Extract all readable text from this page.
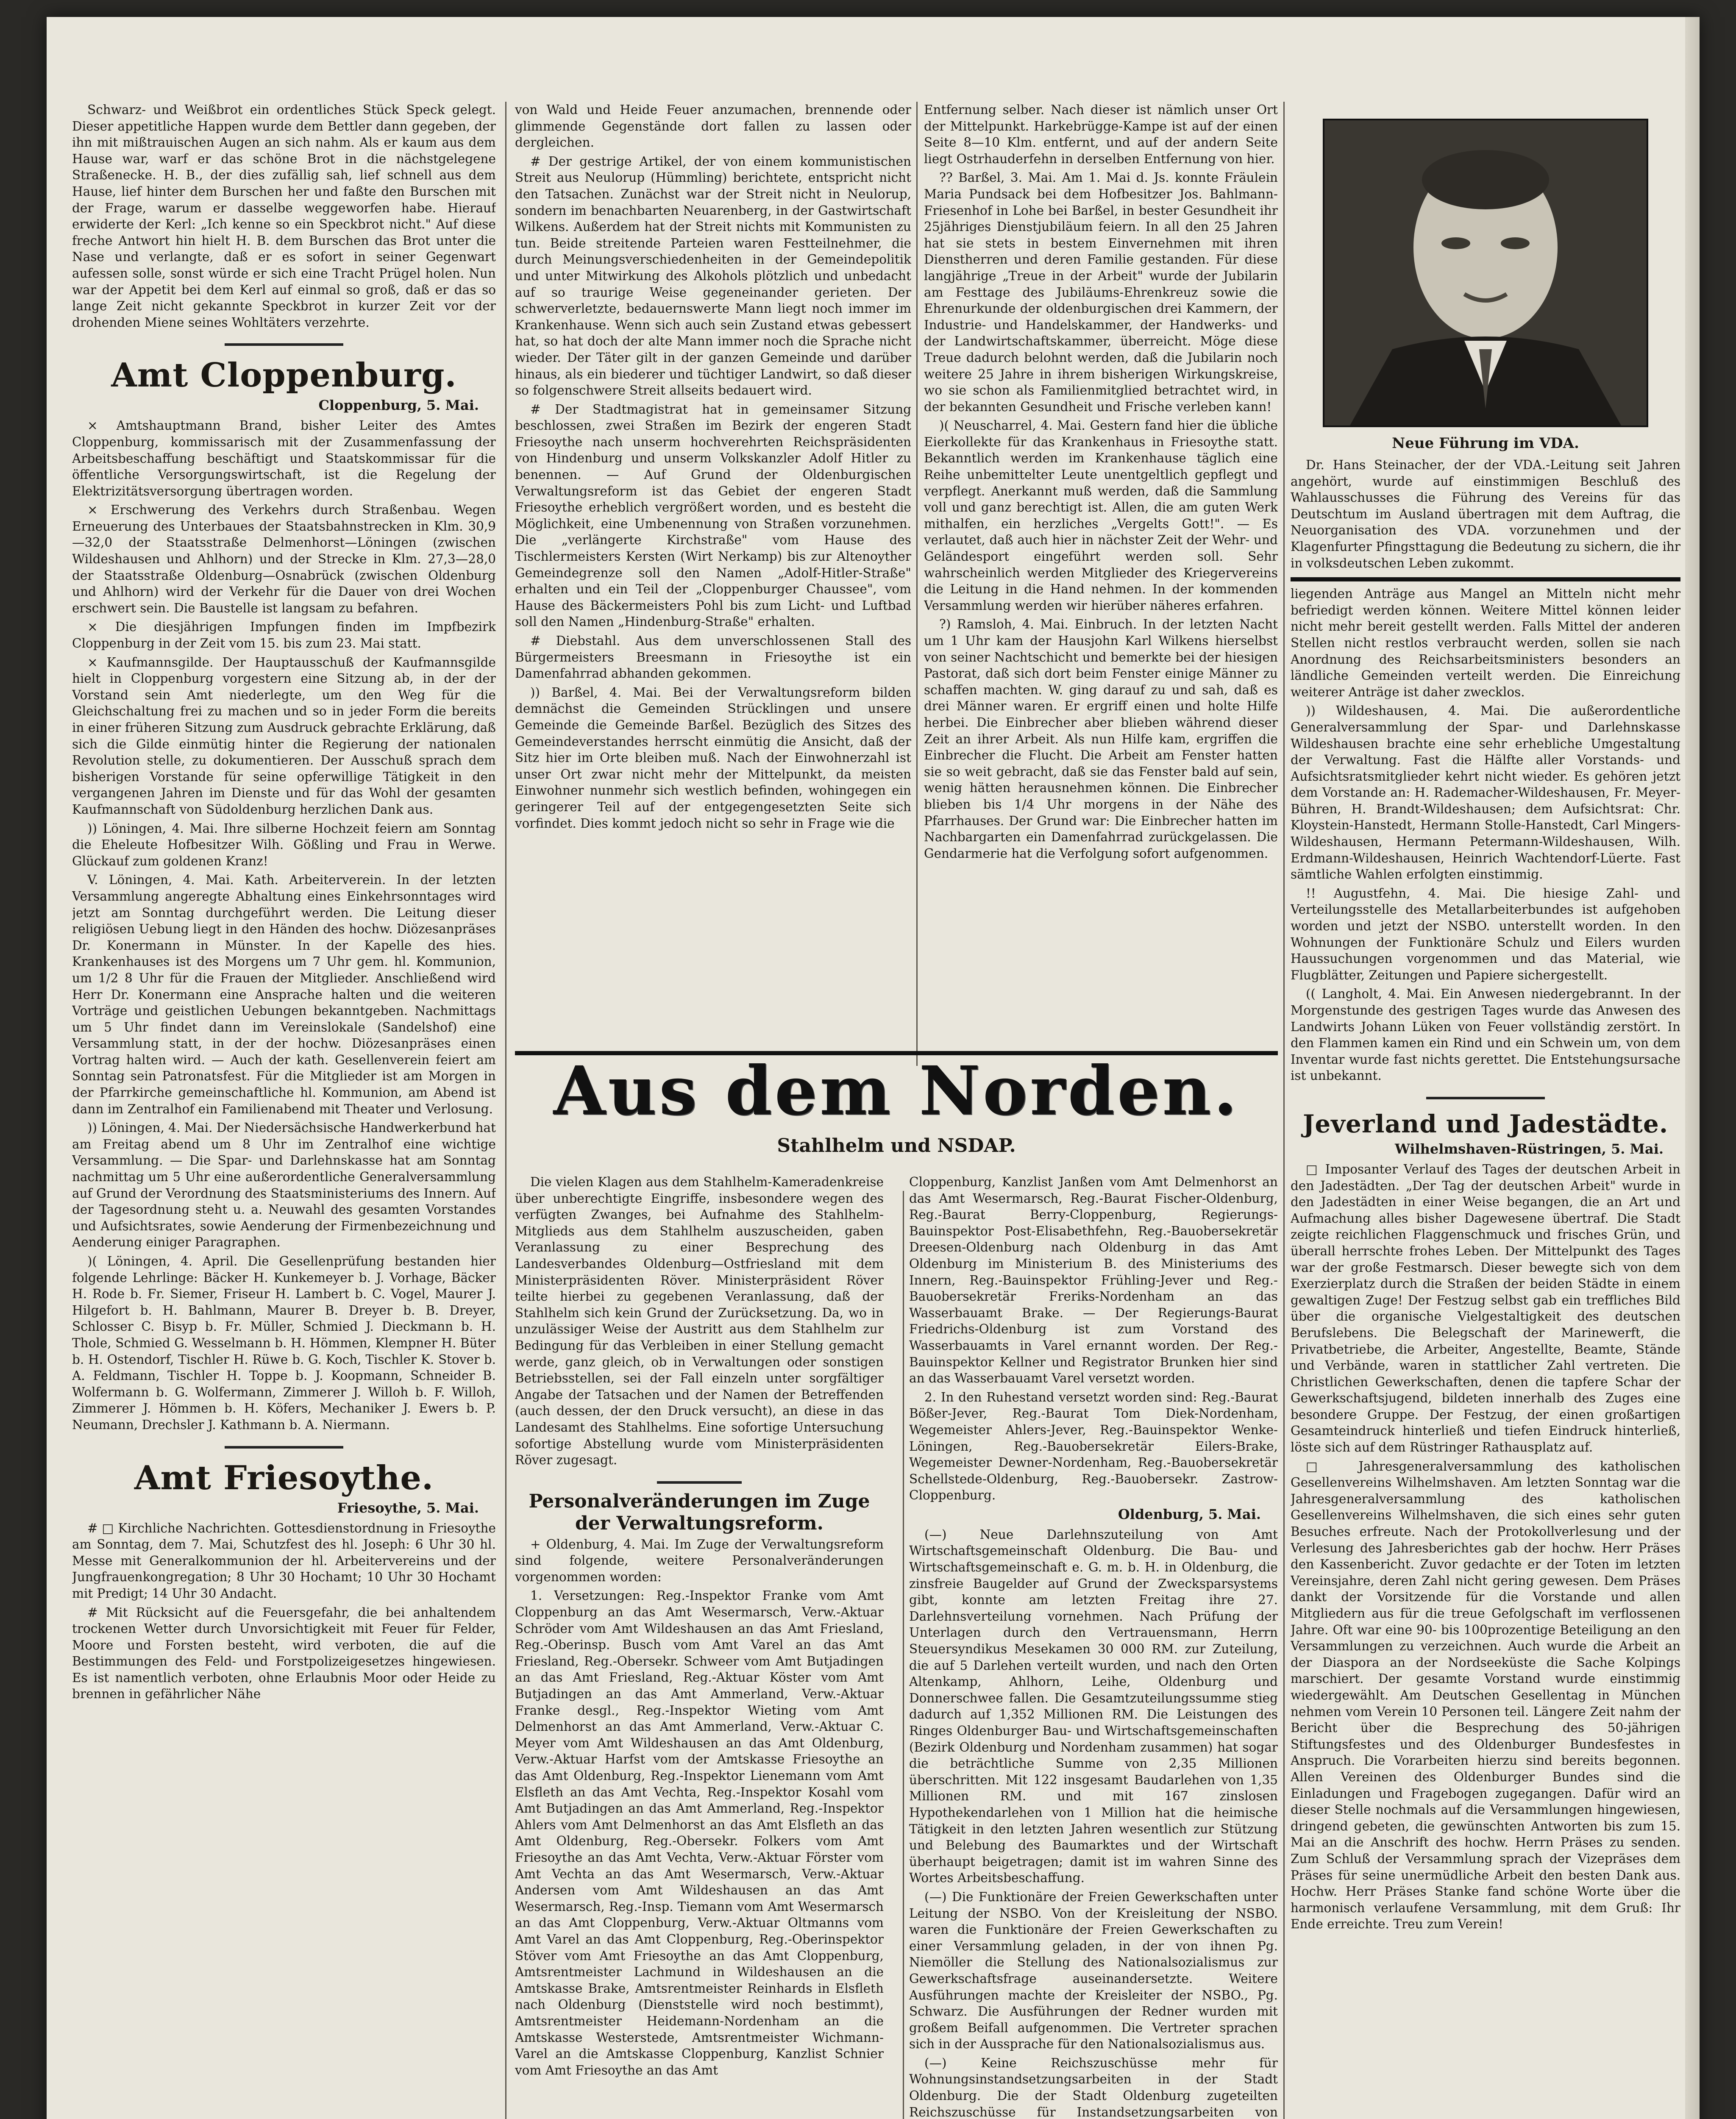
Schwarz- und Weißbrot ein ordentliches Stück Speck gelegt. Dieser appetitliche Happen wurde dem Bettler dann gegeben, der ihn mit mißtrauischen Augen an sich nahm. Als er kaum aus dem Hause war, warf er das schöne Brot in die nächstgelegene Straßenecke. H. B., der dies zufällig sah, lief schnell aus dem Hause, lief hinter dem Burschen her und faßte den Burschen mit der Frage, warum er dasselbe weggeworfen habe. Hierauf erwiderte der Kerl: „Ich kenne so ein Speckbrot nicht." Auf diese freche Antwort hin hielt H. B. dem Burschen das Brot unter die Nase und verlangte, daß er es sofort in seiner Gegenwart aufessen solle, sonst würde er sich eine Tracht Prügel holen. Nun war der Appetit bei dem Kerl auf einmal so groß, daß er das so lange Zeit nicht gekannte Speckbrot in kurzer Zeit vor der drohenden Miene seines Wohltäters verzehrte.

Amt Cloppenburg.
Cloppenburg, 5. Mai.

× Amtshauptmann Brand, bisher Leiter des Amtes Cloppenburg, kommissarisch mit der Zusammenfassung der Arbeitsbeschaffung beschäftigt und Staatskommissar für die öffentliche Versorgungswirtschaft, ist die Regelung der Elektrizitätsversorgung übertragen worden.

× Erschwerung des Verkehrs durch Straßenbau. Wegen Erneuerung des Unterbaues der Staatsbahnstrecken in Klm. 30,9—32,0 der Staatsstraße Delmenhorst—Löningen (zwischen Wildeshausen und Ahlhorn) und der Strecke in Klm. 27,3—28,0 der Staatsstraße Oldenburg—Osnabrück (zwischen Oldenburg und Ahlhorn) wird der Verkehr für die Dauer von drei Wochen erschwert sein. Die Baustelle ist langsam zu befahren.

× Die diesjährigen Impfungen finden im Impfbezirk Cloppenburg in der Zeit vom 15. bis zum 23. Mai statt.

× Kaufmannsgilde. Der Hauptausschuß der Kaufmannsgilde hielt in Cloppenburg vorgestern eine Sitzung ab, in der der Vorstand sein Amt niederlegte, um den Weg für die Gleichschaltung frei zu machen und so in jeder Form die bereits in einer früheren Sitzung zum Ausdruck gebrachte Erklärung, daß sich die Gilde einmütig hinter die Regierung der nationalen Revolution stelle, zu dokumentieren. Der Ausschuß sprach dem bisherigen Vorstande für seine opferwillige Tätigkeit in den vergangenen Jahren im Dienste und für das Wohl der gesamten Kaufmannschaft von Südoldenburg herzlichen Dank aus.

)) Löningen, 4. Mai. Ihre silberne Hochzeit feiern am Sonntag die Eheleute Hofbesitzer Wilh. Gößling und Frau in Werwe. Glückauf zum goldenen Kranz!

V. Löningen, 4. Mai. Kath. Arbeiterverein. In der letzten Versammlung angeregte Abhaltung eines Einkehrsonntages wird jetzt am Sonntag durchgeführt werden. Die Leitung dieser religiösen Uebung liegt in den Händen des hochw. Diözesanpräses Dr. Konermann in Münster. In der Kapelle des hies. Krankenhauses ist des Morgens um 7 Uhr gem. hl. Kommunion, um 1/2 8 Uhr für die Frauen der Mitglieder. Anschließend wird Herr Dr. Konermann eine Ansprache halten und die weiteren Vorträge und geistlichen Uebungen bekanntgeben. Nachmittags um 5 Uhr findet dann im Vereinslokale (Sandelshof) eine Versammlung statt, in der der hochw. Diözesanpräses einen Vortrag halten wird. — Auch der kath. Gesellenverein feiert am Sonntag sein Patronatsfest. Für die Mitglieder ist am Morgen in der Pfarrkirche gemeinschaftliche hl. Kommunion, am Abend ist dann im Zentralhof ein Familienabend mit Theater und Verlosung.

)) Löningen, 4. Mai. Der Niedersächsische Handwerkerbund hat am Freitag abend um 8 Uhr im Zentralhof eine wichtige Versammlung. — Die Spar- und Darlehnskasse hat am Sonntag nachmittag um 5 Uhr eine außerordentliche Generalversammlung auf Grund der Verordnung des Staatsministeriums des Innern. Auf der Tagesordnung steht u. a. Neuwahl des gesamten Vorstandes und Aufsichtsrates, sowie Aenderung der Firmenbezeichnung und Aenderung einiger Paragraphen.

)( Löningen, 4. April. Die Gesellenprüfung bestanden hier folgende Lehrlinge: Bäcker H. Kunkemeyer b. J. Vorhage, Bäcker H. Rode b. Fr. Siemer, Friseur H. Lambert b. C. Vogel, Maurer J. Hilgefort b. H. Bahlmann, Maurer B. Dreyer b. B. Dreyer, Schlosser C. Bisyp b. Fr. Müller, Schmied J. Dieckmann b. H. Thole, Schmied G. Wesselmann b. H. Hömmen, Klempner H. Büter b. H. Ostendorf, Tischler H. Rüwe b. G. Koch, Tischler K. Stover b. A. Feldmann, Tischler H. Toppe b. J. Koopmann, Schneider B. Wolfermann b. G. Wolfermann, Zimmerer J. Willoh b. F. Willoh, Zimmerer J. Hömmen b. H. Köfers, Mechaniker J. Ewers b. P. Neumann, Drechsler J. Kathmann b. A. Niermann.

Amt Friesoythe.
Friesoythe, 5. Mai.

# □ Kirchliche Nachrichten. Gottesdienstordnung in Friesoythe am Sonntag, dem 7. Mai, Schutzfest des hl. Joseph: 6 Uhr 30 hl. Messe mit Generalkommunion der hl. Arbeitervereins und der Jungfrauenkongregation; 8 Uhr 30 Hochamt; 10 Uhr 30 Hochamt mit Predigt; 14 Uhr 30 Andacht.

# Mit Rücksicht auf die Feuersgefahr, die bei anhaltendem trockenen Wetter durch Unvorsichtigkeit mit Feuer für Felder, Moore und Forsten besteht, wird verboten, die auf die Bestimmungen des Feld- und Forstpolizeigesetzes hingewiesen. Es ist namentlich verboten, ohne Erlaubnis Moor oder Heide zu brennen in gefährlicher Nähe

von Wald und Heide Feuer anzumachen, brennende oder glimmende Gegenstände dort fallen zu lassen oder dergleichen.

# Der gestrige Artikel, der von einem kommunistischen Streit aus Neulorup (Hümmling) berichtete, entspricht nicht den Tatsachen. Zunächst war der Streit nicht in Neulorup, sondern im benachbarten Neuarenberg, in der Gastwirtschaft Wilkens. Außerdem hat der Streit nichts mit Kommunisten zu tun. Beide streitende Parteien waren Festteilnehmer, die durch Meinungsverschiedenheiten in der Gemeindepolitik und unter Mitwirkung des Alkohols plötzlich und unbedacht auf so traurige Weise gegeneinander gerieten. Der schwerverletzte, bedauernswerte Mann liegt noch immer im Krankenhause. Wenn sich auch sein Zustand etwas gebessert hat, so hat doch der alte Mann immer noch die Sprache nicht wieder. Der Täter gilt in der ganzen Gemeinde und darüber hinaus, als ein biederer und tüchtiger Landwirt, so daß dieser so folgenschwere Streit allseits bedauert wird.

# Der Stadtmagistrat hat in gemeinsamer Sitzung beschlossen, zwei Straßen im Bezirk der engeren Stadt Friesoythe nach unserm hochverehrten Reichspräsidenten von Hindenburg und unserm Volkskanzler Adolf Hitler zu benennen. — Auf Grund der Oldenburgischen Verwaltungsreform ist das Gebiet der engeren Stadt Friesoythe erheblich vergrößert worden, und es besteht die Möglichkeit, eine Umbenennung von Straßen vorzunehmen. Die „verlängerte Kirchstraße" vom Hause des Tischlermeisters Kersten (Wirt Nerkamp) bis zur Altenoyther Gemeindegrenze soll den Namen „Adolf-Hitler-Straße" erhalten und ein Teil der „Cloppenburger Chaussee", vom Hause des Bäckermeisters Pohl bis zum Licht- und Luftbad soll den Namen „Hindenburg-Straße" erhalten.

# Diebstahl. Aus dem unverschlossenen Stall des Bürgermeisters Breesmann in Friesoythe ist ein Damenfahrrad abhanden gekommen.

)) Barßel, 4. Mai. Bei der Verwaltungsreform bilden demnächst die Gemeinden Strücklingen und unsere Gemeinde die Gemeinde Barßel. Bezüglich des Sitzes des Gemeindeverstandes herrscht einmütig die Ansicht, daß der Sitz hier im Orte bleiben muß. Nach der Einwohnerzahl ist unser Ort zwar nicht mehr der Mittelpunkt, da meisten Einwohner nunmehr sich westlich befinden, wohingegen ein geringerer Teil auf der entgegengesetzten Seite sich vorfindet. Dies kommt jedoch nicht so sehr in Frage wie die

Entfernung selber. Nach dieser ist nämlich unser Ort der Mittelpunkt. Harkebrügge-Kampe ist auf der einen Seite 8—10 Klm. entfernt, und auf der andern Seite liegt Ostrhauderfehn in derselben Entfernung von hier.

?? Barßel, 3. Mai. Am 1. Mai d. Js. konnte Fräulein Maria Pundsack bei dem Hofbesitzer Jos. Bahlmann-Friesenhof in Lohe bei Barßel, in bester Gesundheit ihr 25jähriges Dienstjubiläum feiern. In all den 25 Jahren hat sie stets in bestem Einvernehmen mit ihren Dienstherren und deren Familie gestanden. Für diese langjährige „Treue in der Arbeit" wurde der Jubilarin am Festtage des Jubiläums-Ehrenkreuz sowie die Ehrenurkunde der oldenburgischen drei Kammern, der Industrie- und Handelskammer, der Handwerks- und der Landwirtschaftskammer, überreicht. Möge diese Treue dadurch belohnt werden, daß die Jubilarin noch weitere 25 Jahre in ihrem bisherigen Wirkungskreise, wo sie schon als Familienmitglied betrachtet wird, in der bekannten Gesundheit und Frische verleben kann!

)( Neuscharrel, 4. Mai. Gestern fand hier die übliche Eierkollekte für das Krankenhaus in Friesoythe statt. Bekanntlich werden im Krankenhause täglich eine Reihe unbemittelter Leute unentgeltlich gepflegt und verpflegt. Anerkannt muß werden, daß die Sammlung voll und ganz berechtigt ist. Allen, die am guten Werk mithalfen, ein herzliches „Vergelts Gott!". — Es verlautet, daß auch hier in nächster Zeit der Wehr- und Geländesport eingeführt werden soll. Sehr wahrscheinlich werden Mitglieder des Kriegervereins die Leitung in die Hand nehmen. In der kommenden Versammlung werden wir hierüber näheres erfahren.

?) Ramsloh, 4. Mai. Einbruch. In der letzten Nacht um 1 Uhr kam der Hausjohn Karl Wilkens hierselbst von seiner Nachtschicht und bemerkte bei der hiesigen Pastorat, daß sich dort beim Fenster einige Männer zu schaffen machten. W. ging darauf zu und sah, daß es drei Männer waren. Er ergriff einen und holte Hilfe herbei. Die Einbrecher aber blieben während dieser Zeit an ihrer Arbeit. Als nun Hilfe kam, ergriffen die Einbrecher die Flucht. Die Arbeit am Fenster hatten sie so weit gebracht, daß sie das Fenster bald auf sein, wenig hätten herausnehmen können. Die Einbrecher blieben bis 1/4 Uhr morgens in der Nähe des Pfarrhauses. Der Grund war: Die Einbrecher hatten im Nachbargarten ein Damenfahrrad zurückgelassen. Die Gendarmerie hat die Verfolgung sofort aufgenommen.

Neue Führung im VDA.

Dr. Hans Steinacher, der der VDA.-Leitung seit Jahren angehört, wurde auf einstimmigen Beschluß des Wahlausschusses die Führung des Vereins für das Deutschtum im Ausland übertragen mit dem Auftrag, die Neuorganisation des VDA. vorzunehmen und der Klagenfurter Pfingsttagung die Bedeutung zu sichern, die ihr in volksdeutschen Leben zukommt.

liegenden Anträge aus Mangel an Mitteln nicht mehr befriedigt werden können. Weitere Mittel können leider nicht mehr bereit gestellt werden. Falls Mittel der anderen Stellen nicht restlos verbraucht werden, sollen sie nach Anordnung des Reichsarbeitsministers besonders an ländliche Gemeinden verteilt werden. Die Einreichung weiterer Anträge ist daher zwecklos.

)) Wildeshausen, 4. Mai. Die außerordentliche Generalversammlung der Spar- und Darlehnskasse Wildeshausen brachte eine sehr erhebliche Umgestaltung der Verwaltung. Fast die Hälfte aller Vorstands- und Aufsichtsratsmitglieder kehrt nicht wieder. Es gehören jetzt dem Vorstande an: H. Rademacher-Wildeshausen, Fr. Meyer-Bühren, H. Brandt-Wildeshausen; dem Aufsichtsrat: Chr. Kloystein-Hanstedt, Hermann Stolle-Hanstedt, Carl Mingers-Wildeshausen, Hermann Petermann-Wildeshausen, Wilh. Erdmann-Wildeshausen, Heinrich Wachtendorf-Lüerte. Fast sämtliche Wahlen erfolgten einstimmig.

!! Augustfehn, 4. Mai. Die hiesige Zahl- und Verteilungsstelle des Metallarbeiterbundes ist aufgehoben worden und jetzt der NSBO. unterstellt worden. In den Wohnungen der Funktionäre Schulz und Eilers wurden Haussuchungen vorgenommen und das Material, wie Flugblätter, Zeitungen und Papiere sichergestellt.

(( Langholt, 4. Mai. Ein Anwesen niedergebrannt. In der Morgenstunde des gestrigen Tages wurde das Anwesen des Landwirts Johann Lüken von Feuer vollständig zerstört. In den Flammen kamen ein Rind und ein Schwein um, von dem Inventar wurde fast nichts gerettet. Die Entstehungsursache ist unbekannt.

Jeverland und Jadestädte.
Wilhelmshaven-Rüstringen, 5. Mai.

□ Imposanter Verlauf des Tages der deutschen Arbeit in den Jadestädten. „Der Tag der deutschen Arbeit" wurde in den Jadestädten in einer Weise begangen, die an Art und Aufmachung alles bisher Dagewesene übertraf. Die Stadt zeigte reichlichen Flaggenschmuck und frisches Grün, und überall herrschte frohes Leben. Der Mittelpunkt des Tages war der große Festmarsch. Dieser bewegte sich von dem Exerzierplatz durch die Straßen der beiden Städte in einem gewaltigen Zuge! Der Festzug selbst gab ein treffliches Bild über die organische Vielgestaltigkeit des deutschen Berufslebens. Die Belegschaft der Marinewerft, die Privatbetriebe, die Arbeiter, Angestellte, Beamte, Stände und Verbände, waren in stattlicher Zahl vertreten. Die Christlichen Gewerkschaften, denen die tapfere Schar der Gewerkschaftsjugend, bildeten innerhalb des Zuges eine besondere Gruppe. Der Festzug, der einen großartigen Gesamteindruck hinterließ und tiefen Eindruck hinterließ, löste sich auf dem Rüstringer Rathausplatz auf.

□ Jahresgeneralversammlung des katholischen Gesellenvereins Wilhelmshaven. Am letzten Sonntag war die Jahresgeneralversammlung des katholischen Gesellenvereins Wilhelmshaven, die sich eines sehr guten Besuches erfreute. Nach der Protokollverlesung und der Verlesung des Jahresberichtes gab der hochw. Herr Präses den Kassenbericht. Zuvor gedachte er der Toten im letzten Vereinsjahre, deren Zahl nicht gering gewesen. Dem Präses dankt der Vorsitzende für die Vorstande und allen Mitgliedern aus für die treue Gefolgschaft im verflossenen Jahre. Oft war eine 90- bis 100prozentige Beteiligung an den Versammlungen zu verzeichnen. Auch wurde die Arbeit an der Diaspora an der Nordseeküste die Sache Kolpings marschiert. Der gesamte Vorstand wurde einstimmig wiedergewählt. Am Deutschen Gesellentag in München nehmen vom Verein 10 Personen teil. Längere Zeit nahm der Bericht über die Besprechung des 50-jährigen Stiftungsfestes und des Oldenburger Bundesfestes in Anspruch. Die Vorarbeiten hierzu sind bereits begonnen. Allen Vereinen des Oldenburger Bundes sind die Einladungen und Fragebogen zugegangen. Dafür wird an dieser Stelle nochmals auf die Versammlungen hingewiesen, dringend gebeten, die gewünschten Antworten bis zum 15. Mai an die Anschrift des hochw. Herrn Präses zu senden. Zum Schluß der Versammlung sprach der Vizepräses dem Präses für seine unermüdliche Arbeit den besten Dank aus. Hochw. Herr Präses Stanke fand schöne Worte über die harmonisch verlaufene Versammlung, mit dem Gruß: Ihr Ende erreichte. Treu zum Verein!

Aus dem Norden.
Stahlhelm und NSDAP.

Die vielen Klagen aus dem Stahlhelm-Kameradenkreise über unberechtigte Eingriffe, insbesondere wegen des verfügten Zwanges, bei Aufnahme des Stahlhelm-Mitglieds aus dem Stahlhelm auszuscheiden, gaben Veranlassung zu einer Besprechung des Landesverbandes Oldenburg—Ostfriesland mit dem Ministerpräsidenten Röver. Ministerpräsident Röver teilte hierbei zu gegebenen Veranlassung, daß der Stahlhelm sich kein Grund der Zurücksetzung. Da, wo in unzulässiger Weise der Austritt aus dem Stahlhelm zur Bedingung für das Verbleiben in einer Stellung gemacht werde, ganz gleich, ob in Verwaltungen oder sonstigen Betriebsstellen, sei der Fall einzeln unter sorgfältiger Angabe der Tatsachen und der Namen der Betreffenden (auch dessen, der den Druck versucht), an diese in das Landesamt des Stahlhelms. Eine sofortige Untersuchung sofortige Abstellung wurde vom Ministerpräsidenten Röver zugesagt.

Personalveränderungen im Zuge der Verwaltungsreform.

+ Oldenburg, 4. Mai. Im Zuge der Verwaltungsreform sind folgende, weitere Personalveränderungen vorgenommen worden:

1. Versetzungen: Reg.-Inspektor Franke vom Amt Cloppenburg an das Amt Wesermarsch, Verw.-Aktuar Schröder vom Amt Wildeshausen an das Amt Friesland, Reg.-Oberinsp. Busch vom Amt Varel an das Amt Friesland, Reg.-Obersekr. Schweer vom Amt Butjadingen an das Amt Friesland, Reg.-Aktuar Köster vom Amt Butjadingen an das Amt Ammerland, Verw.-Aktuar Franke desgl., Reg.-Inspektor Wieting vom Amt Delmenhorst an das Amt Ammerland, Verw.-Aktuar C. Meyer vom Amt Wildeshausen an das Amt Oldenburg, Verw.-Aktuar Harfst vom der Amtskasse Friesoythe an das Amt Oldenburg, Reg.-Inspektor Lienemann vom Amt Elsfleth an das Amt Vechta, Reg.-Inspektor Kosahl vom Amt Butjadingen an das Amt Ammerland, Reg.-Inspektor Ahlers vom Amt Delmenhorst an das Amt Elsfleth an das Amt Oldenburg, Reg.-Obersekr. Folkers vom Amt Friesoythe an das Amt Vechta, Verw.-Aktuar Förster vom Amt Vechta an das Amt Wesermarsch, Verw.-Aktuar Andersen vom Amt Wildeshausen an das Amt Wesermarsch, Reg.-Insp. Tiemann vom Amt Wesermarsch an das Amt Cloppenburg, Verw.-Aktuar Oltmanns vom Amt Varel an das Amt Cloppenburg, Reg.-Oberinspektor Stöver vom Amt Friesoythe an das Amt Cloppenburg, Amtsrentmeister Lachmund in Wildeshausen an die Amtskasse Brake, Amtsrentmeister Reinhards in Elsfleth nach Oldenburg (Dienststelle wird noch bestimmt), Amtsrentmeister Heidemann-Nordenham an die Amtskasse Westerstede, Amtsrentmeister Wichmann-Varel an die Amtskasse Cloppenburg, Kanzlist Schnier vom Amt Friesoythe an das Amt

Cloppenburg, Kanzlist Janßen vom Amt Delmenhorst an das Amt Wesermarsch, Reg.-Baurat Fischer-Oldenburg, Reg.-Baurat Berry-Cloppenburg, Regierungs-Bauinspektor Post-Elisabethfehn, Reg.-Bauobersekretär Dreesen-Oldenburg nach Oldenburg in das Amt Oldenburg im Ministerium B. des Ministeriums des Innern, Reg.-Bauinspektor Frühling-Jever und Reg.-Bauobersekretär Freriks-Nordenham an das Wasserbauamt Brake. — Der Regierungs-Baurat Friedrichs-Oldenburg ist zum Vorstand des Wasserbauamts in Varel ernannt worden. Der Reg.-Bauinspektor Kellner und Registrator Brunken hier sind an das Wasserbauamt Varel versetzt worden.

2. In den Ruhestand versetzt worden sind: Reg.-Baurat Bößer-Jever, Reg.-Baurat Tom Diek-Nordenham, Wegemeister Ahlers-Jever, Reg.-Bauinspektor Wenke-Löningen, Reg.-Bauobersekretär Eilers-Brake, Wegemeister Dewner-Nordenham, Reg.-Bauobersekretär Schellstede-Oldenburg, Reg.-Bauobersekr. Zastrow-Cloppenburg.

Oldenburg, 5. Mai.

(—) Neue Darlehnszuteilung von Amt Wirtschaftsgemeinschaft Oldenburg. Die Bau- und Wirtschaftsgemeinschaft e. G. m. b. H. in Oldenburg, die zinsfreie Baugelder auf Grund der Zwecksparsystems gibt, konnte am letzten Freitag ihre 27. Darlehnsverteilung vornehmen. Nach Prüfung der Unterlagen durch den Vertrauensmann, Herrn Steuersyndikus Mesekamen 30 000 RM. zur Zuteilung, die auf 5 Darlehen verteilt wurden, und nach den Orten Altenkamp, Ahlhorn, Leihe, Oldenburg und Donnerschwee fallen. Die Gesamtzuteilungssumme stieg dadurch auf 1,352 Millionen RM. Die Leistungen des Ringes Oldenburger Bau- und Wirtschaftsgemeinschaften (Bezirk Oldenburg und Nordenham zusammen) hat sogar die beträchtliche Summe von 2,35 Millionen überschritten. Mit 122 insgesamt Baudarlehen von 1,35 Millionen RM. und mit 167 zinslosen Hypothekendarlehen von 1 Million hat die heimische Tätigkeit in den letzten Jahren wesentlich zur Stützung und Belebung des Baumarktes und der Wirtschaft überhaupt beigetragen; damit ist im wahren Sinne des Wortes Arbeitsbeschaffung.

(—) Die Funktionäre der Freien Gewerkschaften unter Leitung der NSBO. Von der Kreisleitung der NSBO. waren die Funktionäre der Freien Gewerkschaften zu einer Versammlung geladen, in der von ihnen Pg. Niemöller die Stellung des Nationalsozialismus zur Gewerkschaftsfrage auseinandersetzte. Weitere Ausführungen machte der Kreisleiter der NSBO., Pg. Schwarz. Die Ausführungen der Redner wurden mit großem Beifall aufgenommen. Die Vertreter sprachen sich in der Aussprache für den Nationalsozialismus aus.

(—) Keine Reichszuschüsse mehr für Wohnungsinstandsetzungsarbeiten in der Stadt Oldenburg. Die der Stadt Oldenburg zugeteilten Reichszuschüsse für Instandsetzungsarbeiten von
